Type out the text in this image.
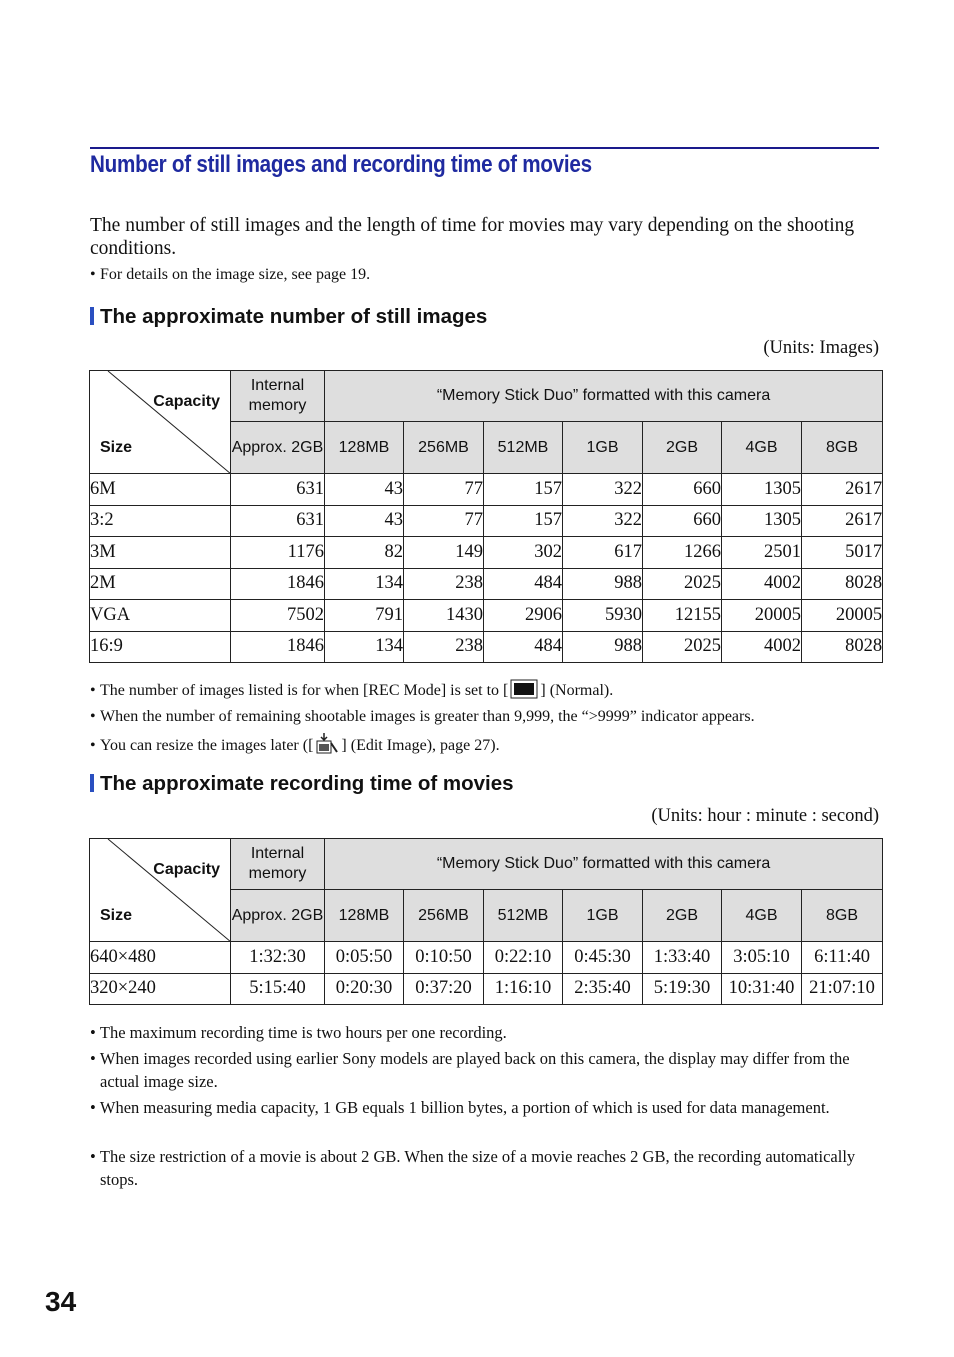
Number of still images and recording time of movies
The number of still images and the length of time for movies may vary depending on the shooting conditions.
• For details on the image size, see page 19.
The approximate number of still images
(Units: Images)
Capacity
Size	Internal memory	“Memory Stick Duo” formatted with this camera						
	Approx. 2GB	128MB	256MB	512MB	1GB	2GB	4GB	8GB
6M	631	43	77	157	322	660	1305	2617
3:2	631	43	77	157	322	660	1305	2617
3M	1176	82	149	302	617	1266	2501	5017
2M	1846	134	238	484	988	2025	4002	8028
VGA	7502	791	1430	2906	5930	12155	20005	20005
16:9	1846	134	238	484	988	2025	4002	8028
• The number of images listed is for when [REC Mode] is set to [ ] (Normal).
• When the number of remaining shootable images is greater than 9,999, the “>9999” indicator appears.
• You can resize the images later ([ ] (Edit Image), page 27).
The approximate recording time of movies
(Units: hour : minute : second)
Capacity
Size	Internal memory	“Memory Stick Duo” formatted with this camera						
	Approx. 2GB	128MB	256MB	512MB	1GB	2GB	4GB	8GB
640×480	1:32:30	0:05:50	0:10:50	0:22:10	0:45:30	1:33:40	3:05:10	6:11:40
320×240	5:15:40	0:20:30	0:37:20	1:16:10	2:35:40	5:19:30	10:31:40	21:07:10
• The maximum recording time is two hours per one recording.
• When images recorded using earlier Sony models are played back on this camera, the display may differ from the actual image size.
• When measuring media capacity, 1 GB equals 1 billion bytes, a portion of which is used for data management.
• The size restriction of a movie is about 2 GB. When the size of a movie reaches 2 GB, the recording automatically stops.
34
